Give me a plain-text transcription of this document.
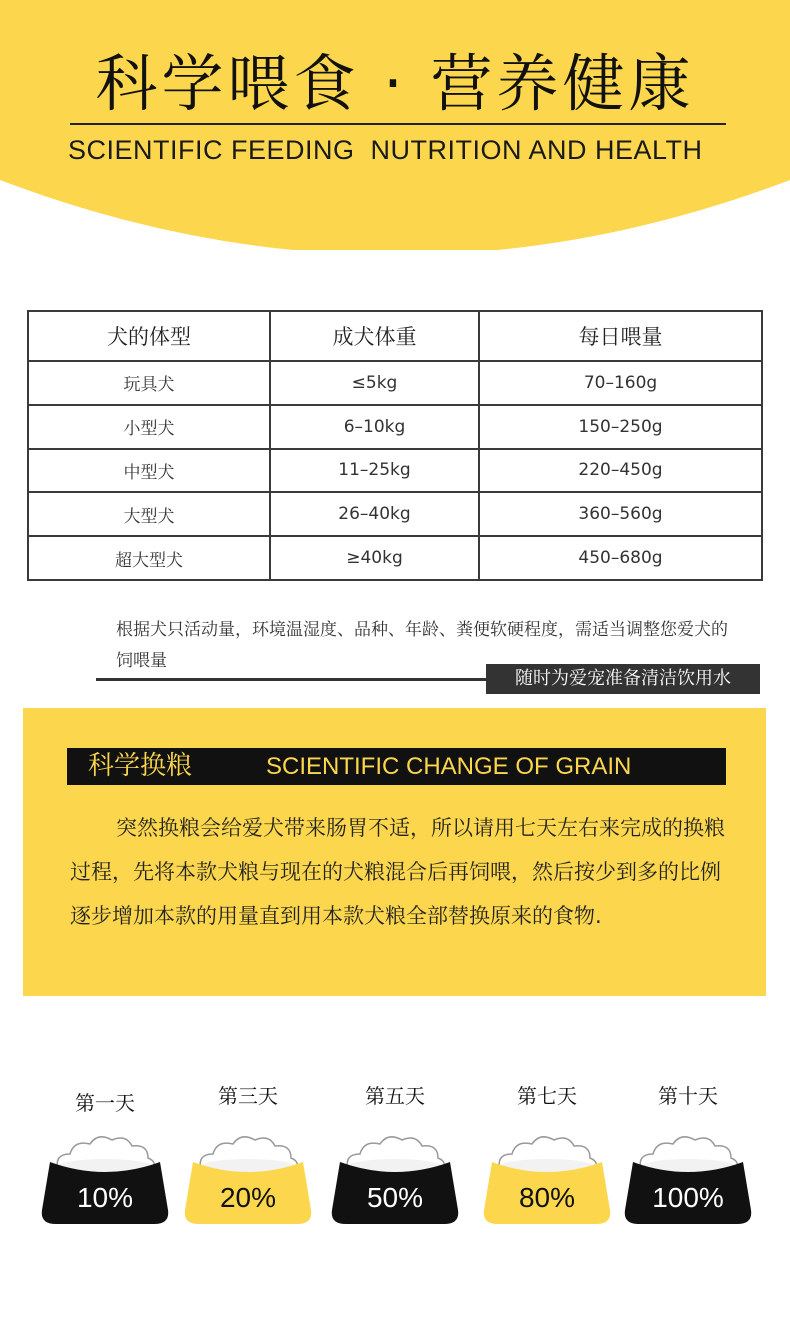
科学喂食 · 营养健康
SCIENTIFIC FEEDING  NUTRITION AND HEALTH
犬的体型	成犬体重	每日喂量
玩具犬	≤5kg	70–160g
小型犬	6–10kg	150–250g
中型犬	11–25kg	220–450g
大型犬	26–40kg	360–560g
超大型犬	≥40kg	450–680g
根据犬只活动量，环境温湿度、品种、年龄、粪便软硬程度，需适当调整您爱犬的饲喂量
随时为爱宠准备清洁饮用水
科学换粮	SCIENTIFIC CHANGE OF GRAIN
突然换粮会给爱犬带来肠胃不适，所以请用七天左右来完成的换粮过程，先将本款犬粮与现在的犬粮混合后再饲喂，然后按少到多的比例逐步增加本款的用量直到用本款犬粮全部替换原来的食物.
第一天
10%
第三天
20%
第五天
50%
第七天
80%
第十天
100%
